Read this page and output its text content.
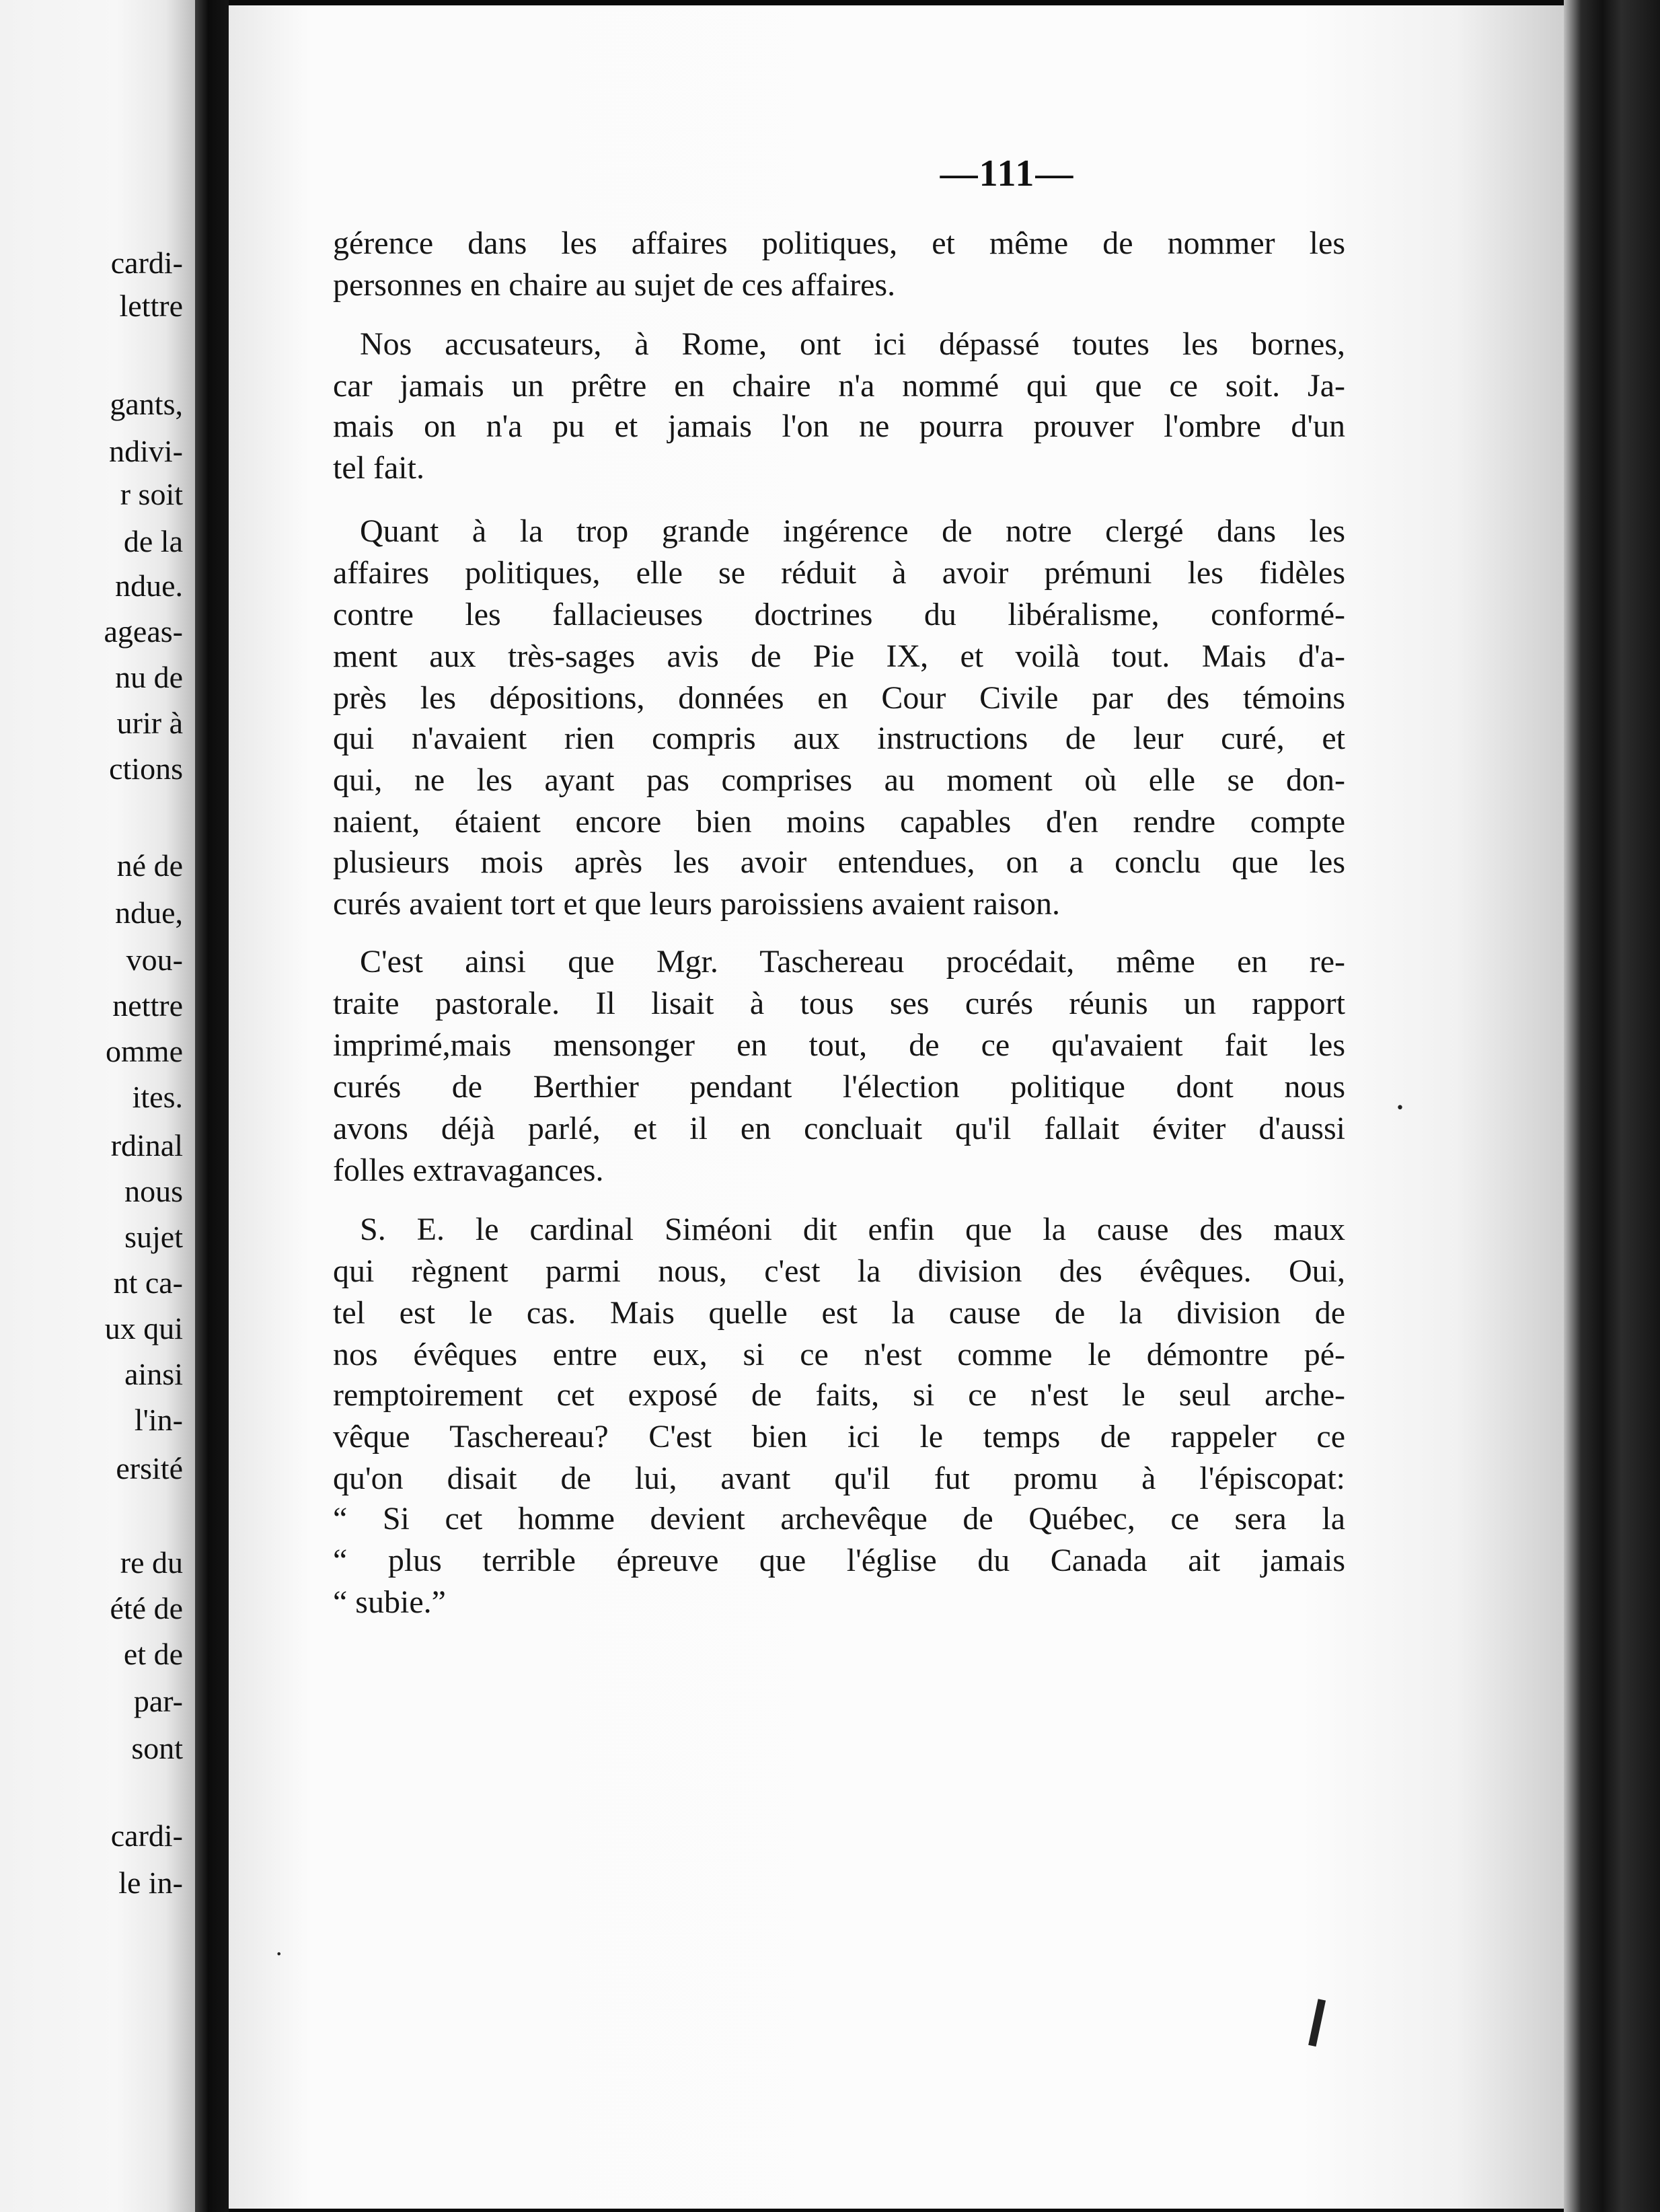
cardi-
lettre
gants,
ndivi-
r soit
de la
ndue.
ageas-
nu de
urir à
ctions
né de
ndue,
vou-
nettre
omme
ites.
rdinal
nous
sujet
nt ca-
ux qui
ainsi
l'in-
ersité
re du
été de
et de
par-
sont
cardi-
le in-
—111—
gérence dans les affaires politiques, et même de nommer les
personnes en chaire au sujet de ces affaires.
Nos accusateurs, à Rome, ont ici dépassé toutes les bornes,
car jamais un prêtre en chaire n'a nommé qui que ce soit. Ja-
mais on n'a pu et jamais l'on ne pourra prouver l'ombre d'un
tel fait.
Quant à la trop grande ingérence de notre clergé dans les
affaires politiques, elle se réduit à avoir prémuni les fidèles
contre les fallacieuses doctrines du libéralisme, conformé-
ment aux très-sages avis de Pie IX, et voilà tout. Mais d'a-
près les dépositions, données en Cour Civile par des témoins
qui n'avaient rien compris aux instructions de leur curé, et
qui, ne les ayant pas comprises au moment où elle se don-
naient, étaient encore bien moins capables d'en rendre compte
plusieurs mois après les avoir entendues, on a conclu que les
curés avaient tort et que leurs paroissiens avaient raison.
C'est ainsi que Mgr. Taschereau procédait, même en re-
traite pastorale. Il lisait à tous ses curés réunis un rapport
imprimé,mais mensonger en tout, de ce qu'avaient fait les
curés de Berthier pendant l'élection politique dont nous
avons déjà parlé, et il en concluait qu'il fallait éviter d'aussi
folles extravagances.
S. E. le cardinal Siméoni dit enfin que la cause des maux
qui règnent parmi nous, c'est la division des évêques. Oui,
tel est le cas. Mais quelle est la cause de la division de
nos évêques entre eux, si ce n'est comme le démontre pé-
remptoirement cet exposé de faits, si ce n'est le seul arche-
vêque Taschereau? C'est bien ici le temps de rappeler ce
qu'on disait de lui, avant qu'il fut promu à l'épiscopat:
“ Si cet homme devient archevêque de Québec, ce sera la
“ plus terrible épreuve que l'église du Canada ait jamais
“ subie.”
•
❙
•
